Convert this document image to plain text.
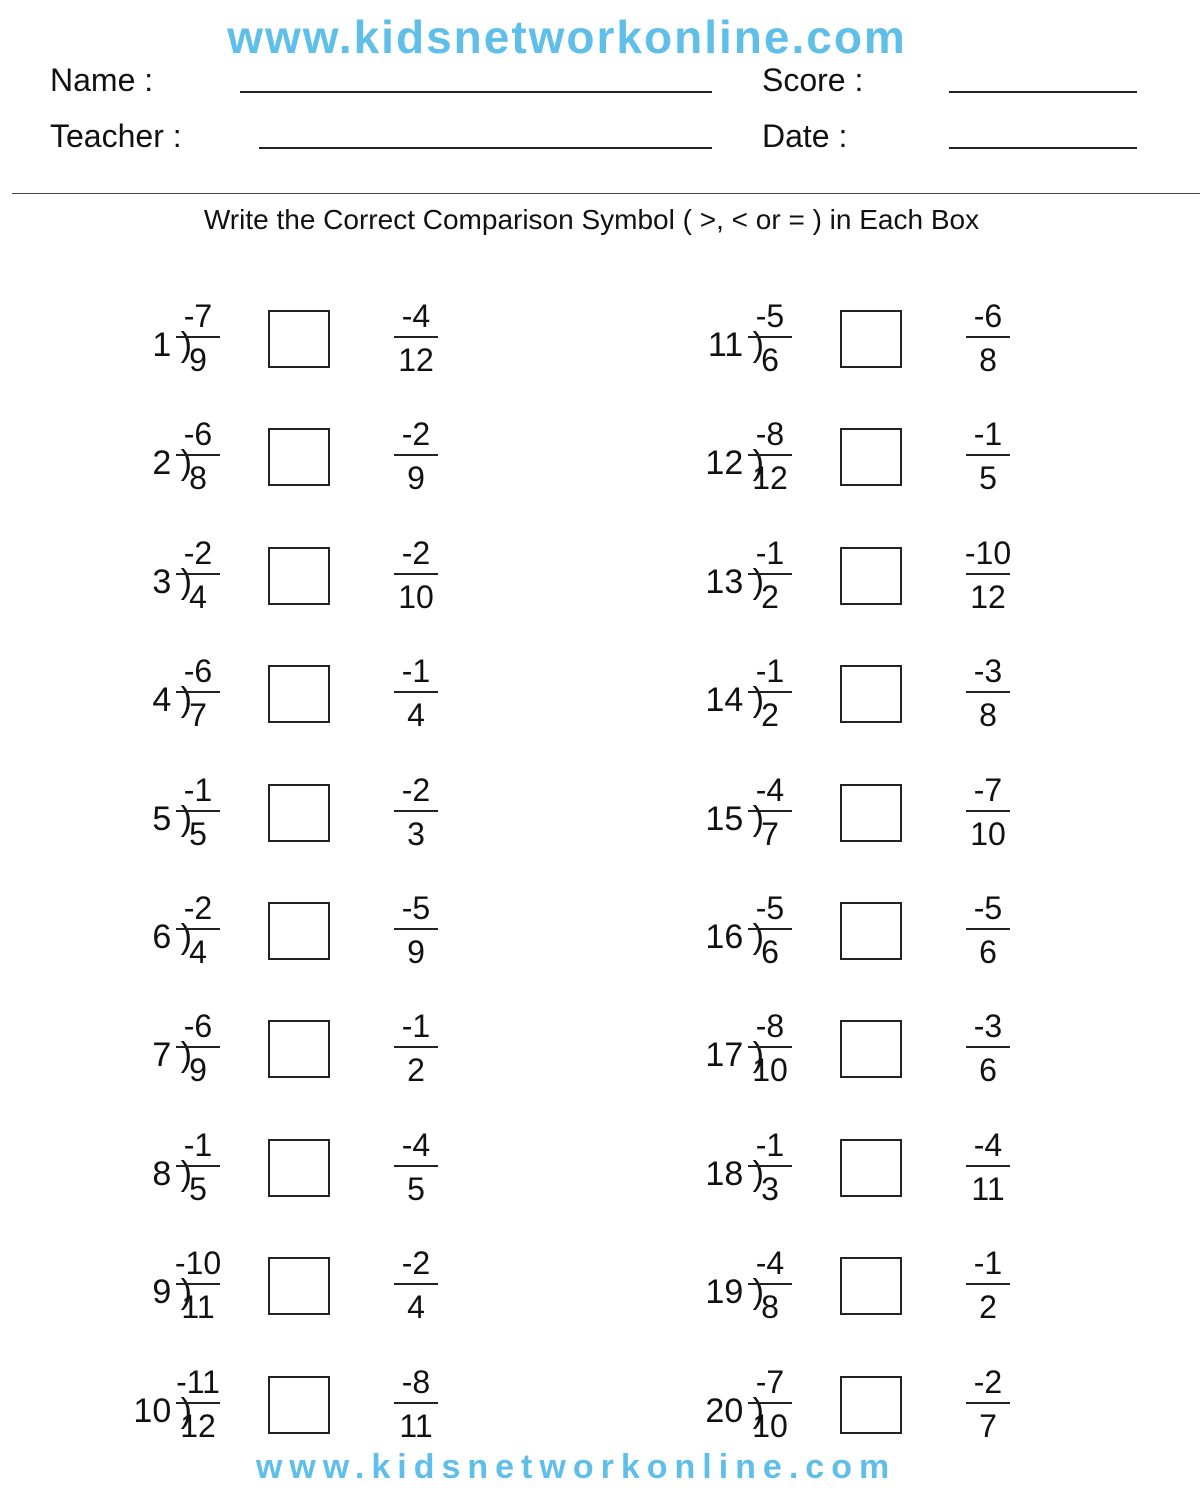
www.kidsnetworkonline.com
Name :
Teacher :
Score :
Date :
Write the Correct Comparison Symbol ( >, < or = ) in Each Box
1 )
-7
9
-4
12
2 )
-6
8
-2
9
3 )
-2
4
-2
10
4 )
-6
7
-1
4
5 )
-1
5
-2
3
6 )
-2
4
-5
9
7 )
-6
9
-1
2
8 )
-1
5
-4
5
9 )
-10
11
-2
4
10 )
-11
12
-8
11
11 )
-5
6
-6
8
12 )
-8
12
-1
5
13 )
-1
2
-10
12
14 )
-1
2
-3
8
15 )
-4
7
-7
10
16 )
-5
6
-5
6
17 )
-8
10
-3
6
18 )
-1
3
-4
11
19 )
-4
8
-1
2
20 )
-7
10
-2
7
www.kidsnetworkonline.com
